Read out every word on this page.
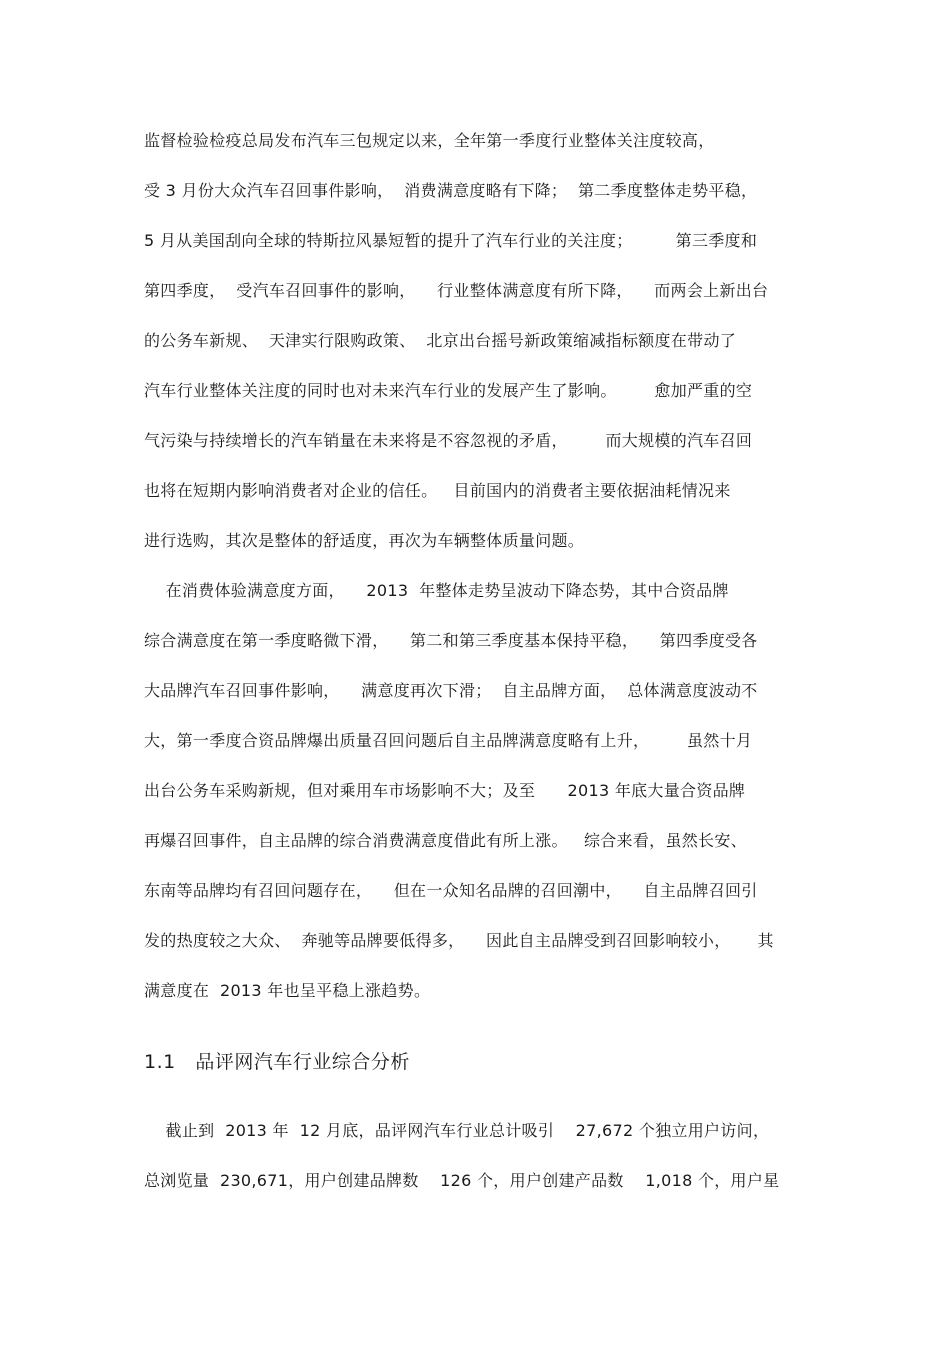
监督检验检疫总局发布汽车三包规定以来，全年第一季度行业整体关注度较高，
受 3 月份大众汽车召回事件影响，  消费满意度略有下降；  第二季度整体走势平稳，
5 月从美国刮向全球的特斯拉风暴短暂的提升了汽车行业的关注度；        第三季度和
第四季度，  受汽车召回事件的影响，    行业整体满意度有所下降，    而两会上新出台
的公务车新规、  天津实行限购政策、  北京出台摇号新政策缩减指标额度在带动了
汽车行业整体关注度的同时也对未来汽车行业的发展产生了影响。       愈加严重的空
气污染与持续增长的汽车销量在未来将是不容忽视的矛盾，       而大规模的汽车召回
也将在短期内影响消费者对企业的信任。   目前国内的消费者主要依据油耗情况来
进行选购，其次是整体的舒适度，再次为车辆整体质量问题。
在消费体验满意度方面，    2013  年整体走势呈波动下降态势，其中合资品牌
综合满意度在第一季度略微下滑，    第二和第三季度基本保持平稳，    第四季度受各
大品牌汽车召回事件影响，    满意度再次下滑；  自主品牌方面，  总体满意度波动不
大，第一季度合资品牌爆出质量召回问题后自主品牌满意度略有上升，       虽然十月
出台公务车采购新规，但对乘用车市场影响不大；及至      2013 年底大量合资品牌
再爆召回事件，自主品牌的综合消费满意度借此有所上涨。   综合来看，虽然长安、
东南等品牌均有召回问题存在，    但在一众知名品牌的召回潮中，    自主品牌召回引
发的热度较之大众、  奔驰等品牌要低得多，    因此自主品牌受到召回影响较小，     其
满意度在  2013 年也呈平稳上涨趋势。
1.1   品评网汽车行业综合分析
截止到  2013 年  12 月底，品评网汽车行业总计吸引    27,672 个独立用户访问，
总浏览量  230,671，用户创建品牌数    126 个，用户创建产品数    1,018 个，用户星
